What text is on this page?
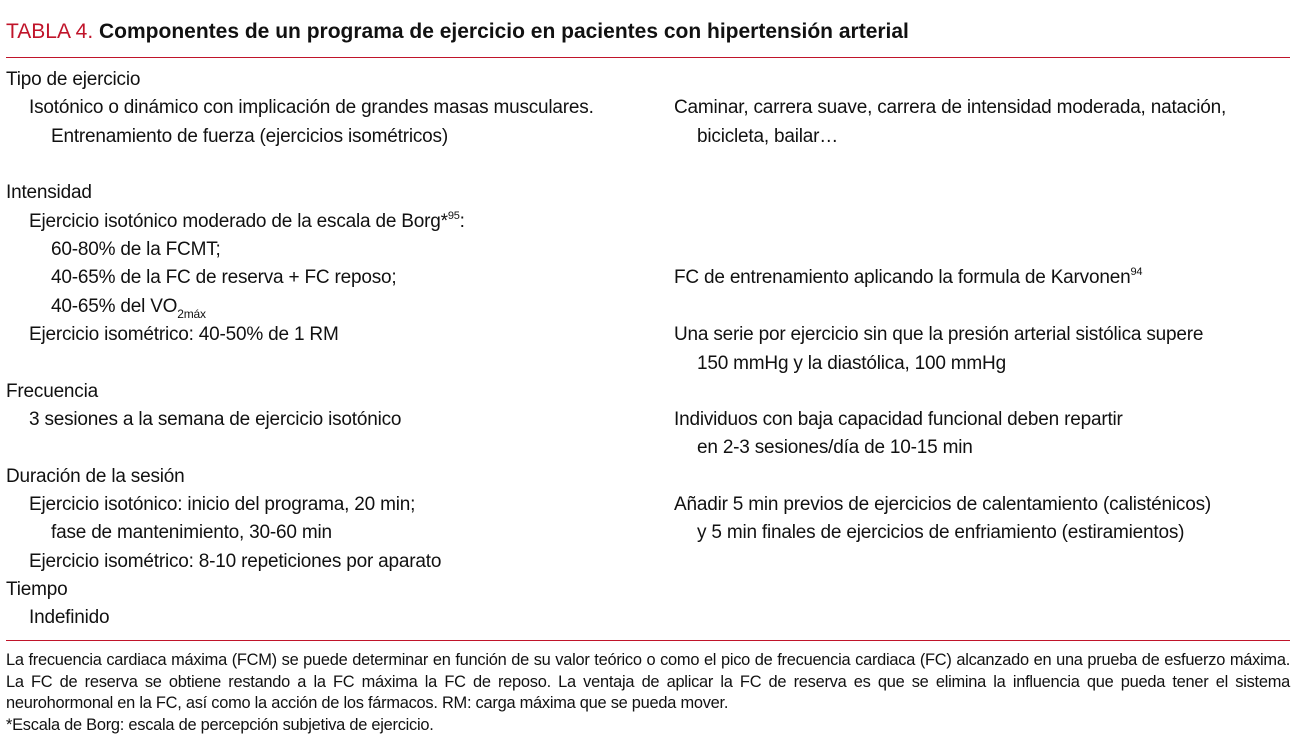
TABLA 4. Componentes de un programa de ejercicio en pacientes con hipertensión arterial
Tipo de ejercicio
Isotónico o dinámico con implicación de grandes masas musculares.
Entrenamiento de fuerza (ejercicios isométricos)
Caminar, carrera suave, carrera de intensidad moderada, natación,
bicicleta, bailar…
Intensidad
Ejercicio isotónico moderado de la escala de Borg*$^{95}$:
60-80% de la FCMT;
40-65% de la FC de reserva + FC reposo;
40-65% del $VO_{2máx}$
Ejercicio isométrico: 40-50% de 1 RM
FC de entrenamiento aplicando la formula de Karvonen$^{94}$
Una serie por ejercicio sin que la presión arterial sistólica supere
150 mmHg y la diastólica, 100 mmHg
Frecuencia
3 sesiones a la semana de ejercicio isotónico	Individuos con baja capacidad funcional deben repartir
en 2-3 sesiones/día de 10-15 min
Duración de la sesión
Ejercicio isotónico: inicio del programa, 20 min;
fase de mantenimiento, 30-60 min
Ejercicio isométrico: 8-10 repeticiones por aparato
Añadir 5 min previos de ejercicios de calentamiento (calisténicos)
y 5 min finales de ejercicios de enfriamiento (estiramientos)
Tiempo
Indefinido

La frecuencia cardiaca máxima (FCM) se puede determinar en función de su valor teórico o como el pico de frecuencia cardiaca (FC) alcanzado en una prueba de esfuerzo máxima. La FC de reserva se obtiene restando a la FC máxima la FC de reposo. La ventaja de aplicar la FC de reserva es que se elimina la influencia que pueda tener el sistema neurohormonal en la FC, así como la acción de los fármacos. RM: carga máxima que se pueda mover.

*Escala de Borg: escala de percepción subjetiva de ejercicio.
